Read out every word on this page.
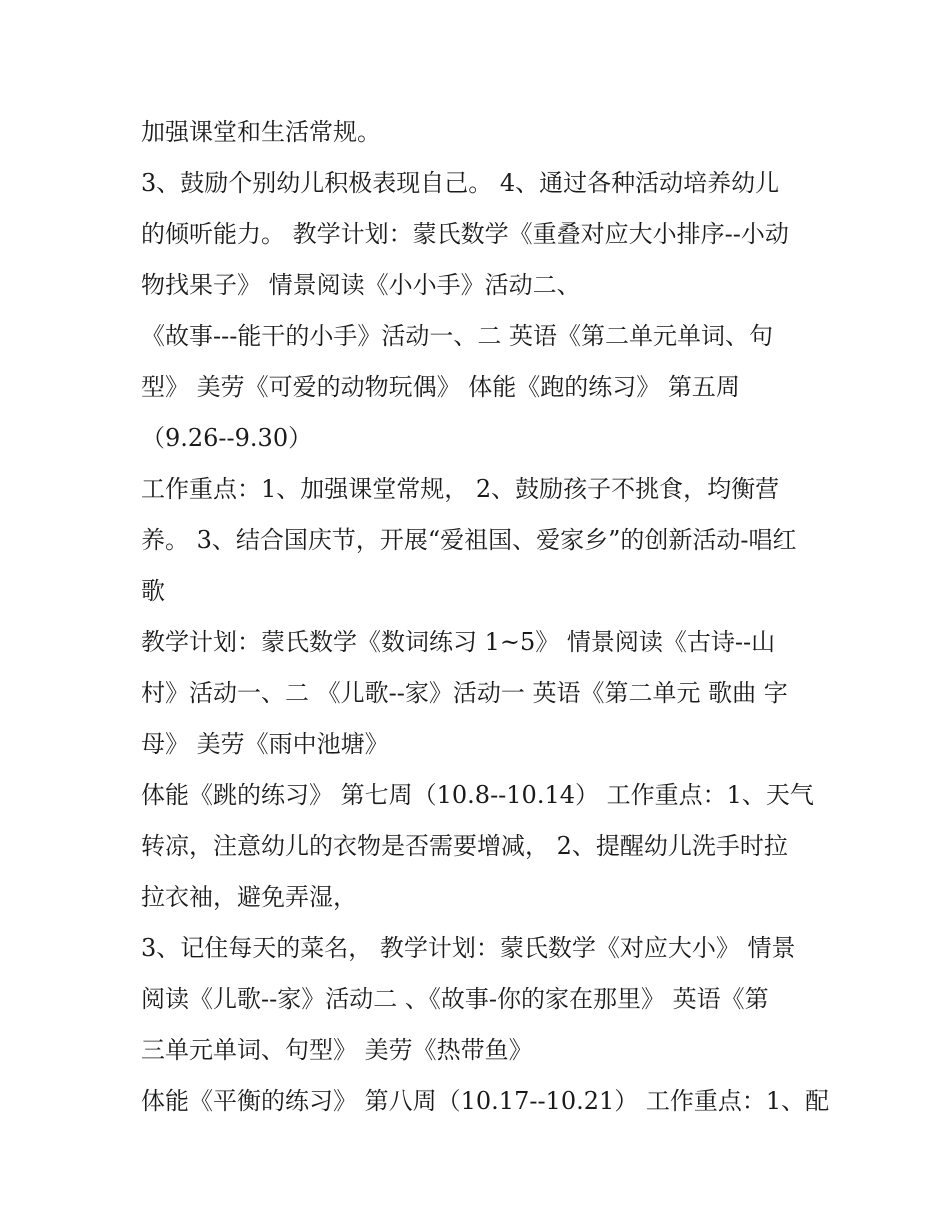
加强课堂和生活常规。
3、鼓励个别幼儿积极表现自己。 4、通过各种活动培养幼儿
的倾听能力。 教学计划：蒙氏数学《重叠对应大小排序--小动
物找果子》 情景阅读《小小手》活动二、
《故事---能干的小手》活动一、二 英语《第二单元单词、句
型》 美劳《可爱的动物玩偶》 体能《跑的练习》 第五周
（9.26--9.30）
工作重点：1、加强课堂常规， 2、鼓励孩子不挑食，均衡营
养。 3、结合国庆节，开展“爱祖国、爱家乡”的创新活动-唱红
歌
教学计划：蒙氏数学《数词练习 1~5》 情景阅读《古诗--山
村》活动一、二 《儿歌--家》活动一 英语《第二单元 歌曲 字
母》 美劳《雨中池塘》
体能《跳的练习》 第七周（10.8--10.14） 工作重点：1、天气
转凉，注意幼儿的衣物是否需要增减， 2、提醒幼儿洗手时拉
拉衣袖，避免弄湿，
3、记住每天的菜名， 教学计划：蒙氏数学《对应大小》 情景
阅读《儿歌--家》活动二 、《故事-你的家在那里》 英语《第
三单元单词、句型》 美劳《热带鱼》
体能《平衡的练习》 第八周（10.17--10.21） 工作重点：1、配
